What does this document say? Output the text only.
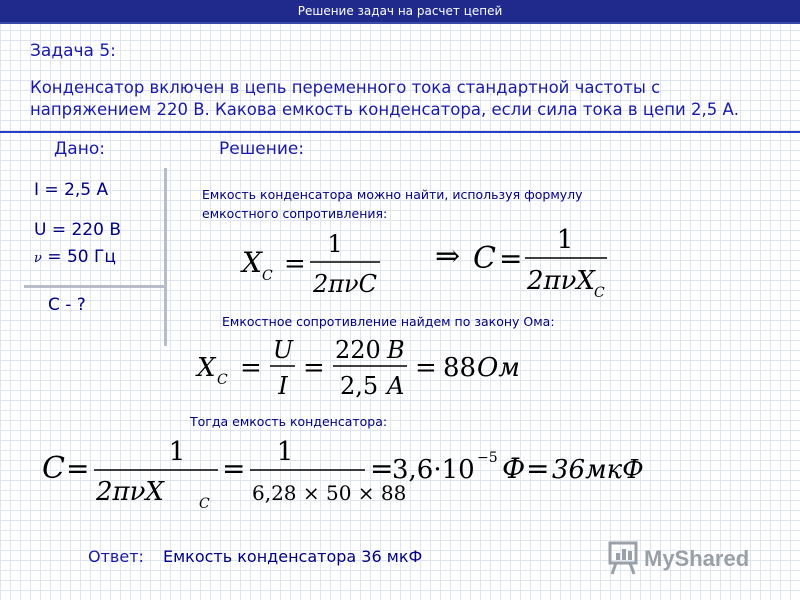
Решение задач на расчет цепей
Задача 5:
Конденсатор включен в цепь переменного тока стандартной частоты с
напряжением 220 В. Какова емкость конденсатора, если сила тока в цепи 2,5 А.
Дано:	Решение:
I = 2,5 A
U = 220 B
ν = 50 Гц
C - ?
Емкость конденсатора можно найти, используя формулу
емкостного сопротивления:
X C =
1
2πνC
⇒ C =
1
2πνX C
Емкостное сопротивление найдем по закону Ома:
X C =
U
I
=
220 B
2,5 A
= 88 Ом
Тогда емкость конденсатора:
C =	1
2πνX	C
= 1
6,28 × 50 × 88
=
3,6·10 −5 Ф = 36мкФ
Ответ: Емкость конденсатора 36 мкФ	MyShared
